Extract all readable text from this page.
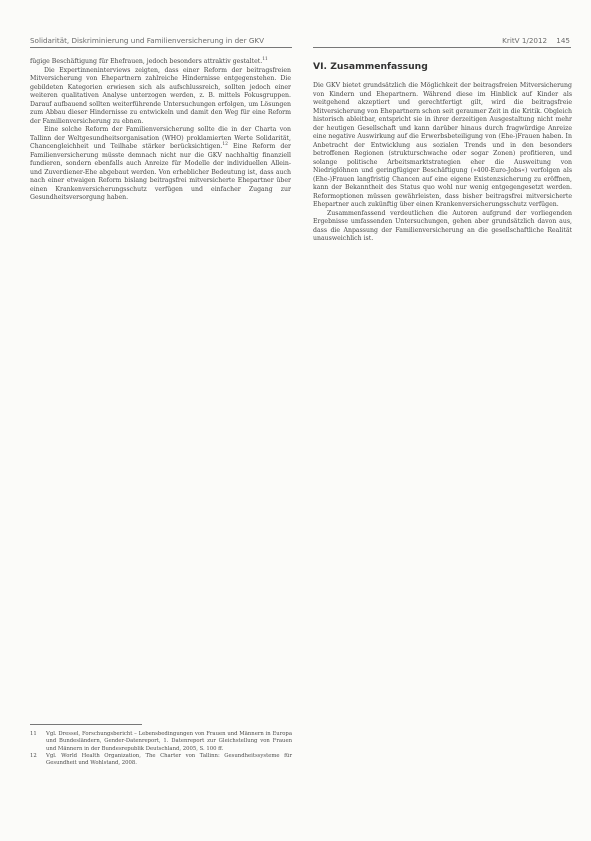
Solidarität, Diskriminierung und Familienversicherung in der GKV	KritV 1/2012 145

fügige Beschäftigung für Ehefrauen, jedoch besonders attraktiv gestaltet.$^{11}$

Die Expertinneninterviews zeigten, dass einer Reform der beitragsfreien Mitversicherung von Ehepartnern zahlreiche Hindernisse entgegenstehen. Die gebildeten Kategorien erwiesen sich als aufschlussreich, sollten jedoch einer weiteren qualitativen Analyse unterzogen werden, z. B. mittels Fokusgruppen. Darauf aufbauend sollten weiterführende Untersuchungen erfolgen, um Lösungen zum Abbau dieser Hindernisse zu entwickeln und damit den Weg für eine Reform der Familienversicherung zu ebnen.

Eine solche Reform der Familienversicherung sollte die in der Charta von Tallinn der Weltgesundheitsorganisation (WHO) proklamierten Werte Solidarität, Chancengleichheit und Teilhabe stärker berücksichtigen.$^{12}$ Eine Reform der Familienversicherung müsste demnach nicht nur die GKV nachhaltig finanziell fundieren, sondern ebenfalls auch Anreize für Modelle der individuellen Allein- und Zuverdiener-Ehe abgebaut werden. Von erheblicher Bedeutung ist, dass auch nach einer etwaigen Reform bislang beitragsfrei mitversicherte Ehepartner über einen Krankenversicherungsschutz verfügen und einfacher Zugang zur Gesundheitsversorgung haben.

VI. Zusammenfassung

Die GKV bietet grundsätzlich die Möglichkeit der beitragsfreien Mitversicherung von Kindern und Ehepartnern. Während diese im Hinblick auf Kinder als weitgehend akzeptiert und gerechtfertigt gilt, wird die beitragsfreie Mitversicherung von Ehepartnern schon seit geraumer Zeit in die Kritik. Obgleich historisch ableitbar, entspricht sie in ihrer derzeitigen Ausgestaltung nicht mehr der heutigen Gesellschaft und kann darüber hinaus durch fragwürdige Anreize eine negative Auswirkung auf die Erwerbsbeteiligung von (Ehe-)Frauen haben. In Anbetracht der Entwicklung aus sozialen Trends und in den besonders betroffenen Regionen (strukturschwache oder sogar Zonen) profitieren, und solange politische Arbeitsmarktstrategien eher die Ausweitung von Niedriglöhnen und geringfügiger Beschäftigung (»400-Euro-Jobs«) verfolgen als (Ehe-)Frauen langfristig Chancen auf eine eigene Existenzsicherung zu eröffnen, kann der Bekanntheit des Status quo wohl nur wenig entgegengesetzt werden. Reformoptionen müssen gewährleisten, dass bisher beitragsfrei mitversicherte Ehepartner auch zukünftig über einen Krankenversicherungsschutz verfügen.

Zusammenfassend verdeutlichen die Autoren aufgrund der vorliegenden Ergebnisse umfassenden Untersuchungen, gehen aber grundsätzlich davon aus, dass die Anpassung der Familienversicherung an die gesellschaftliche Realität unausweichlich ist.

11	Vgl. Dressel, Forschungsbericht – Lebensbedingungen von Frauen und Männern in Europa und Bundesländern, Gender-Datenreport, 1. Datenreport zur Gleichstellung von Frauen und Männern in der Bundesrepublik Deutschland, 2005, S. 100 ff.
12	Vgl. World Health Organization, The Charter von Tallinn: Gesundheitssysteme für Gesundheit und Wohlstand, 2008.
